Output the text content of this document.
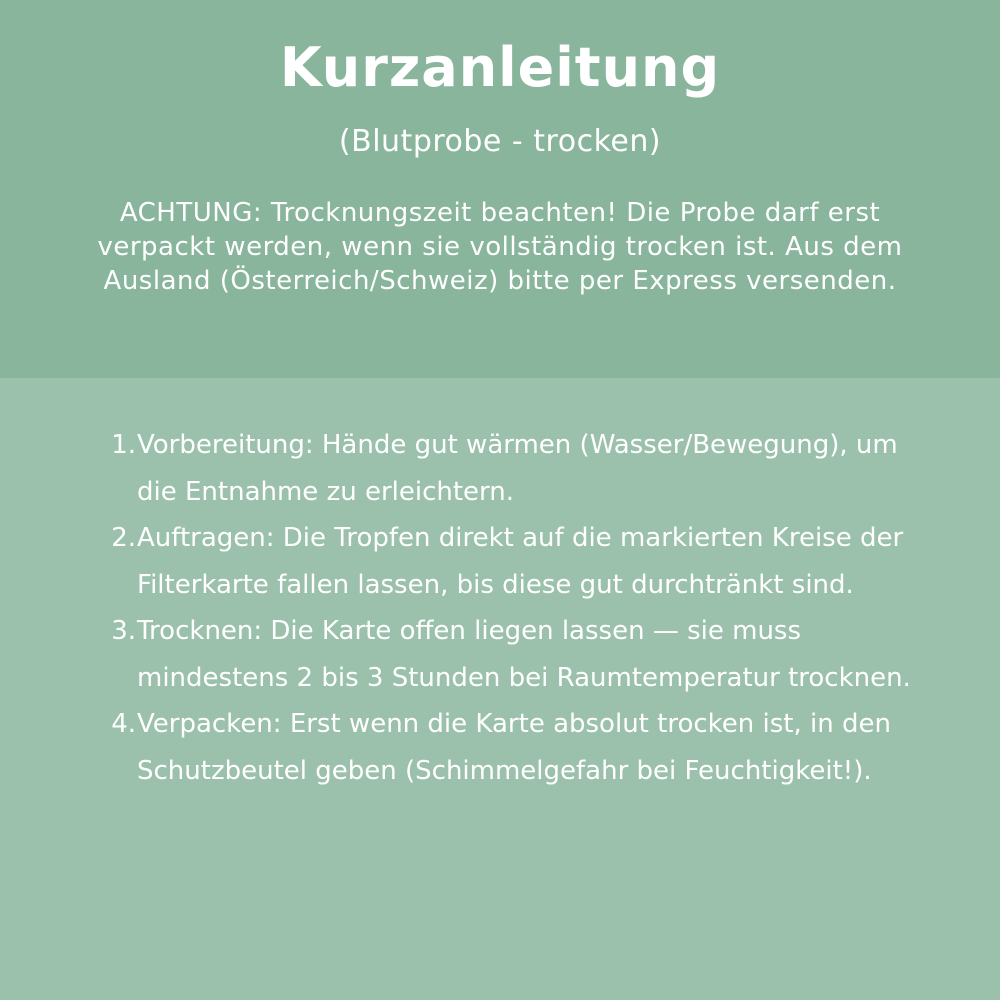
Kurzanleitung
(Blutprobe - trocken)
ACHTUNG: Trocknungszeit beachten! Die Probe darf erst verpackt werden, wenn sie vollständig trocken ist. Aus dem Ausland (Österreich/Schweiz) bitte per Express versenden.
1. Vorbereitung: Hände gut wärmen (Wasser/Bewegung), um die Entnahme zu erleichtern.
2. Auftragen: Die Tropfen direkt auf die markierten Kreise der Filterkarte fallen lassen, bis diese gut durchtränkt sind.
3. Trocknen: Die Karte offen liegen lassen — sie muss mindestens 2 bis 3 Stunden bei Raumtemperatur trocknen.
4. Verpacken: Erst wenn die Karte absolut trocken ist, in den Schutzbeutel geben (Schimmelgefahr bei Feuchtigkeit!).
